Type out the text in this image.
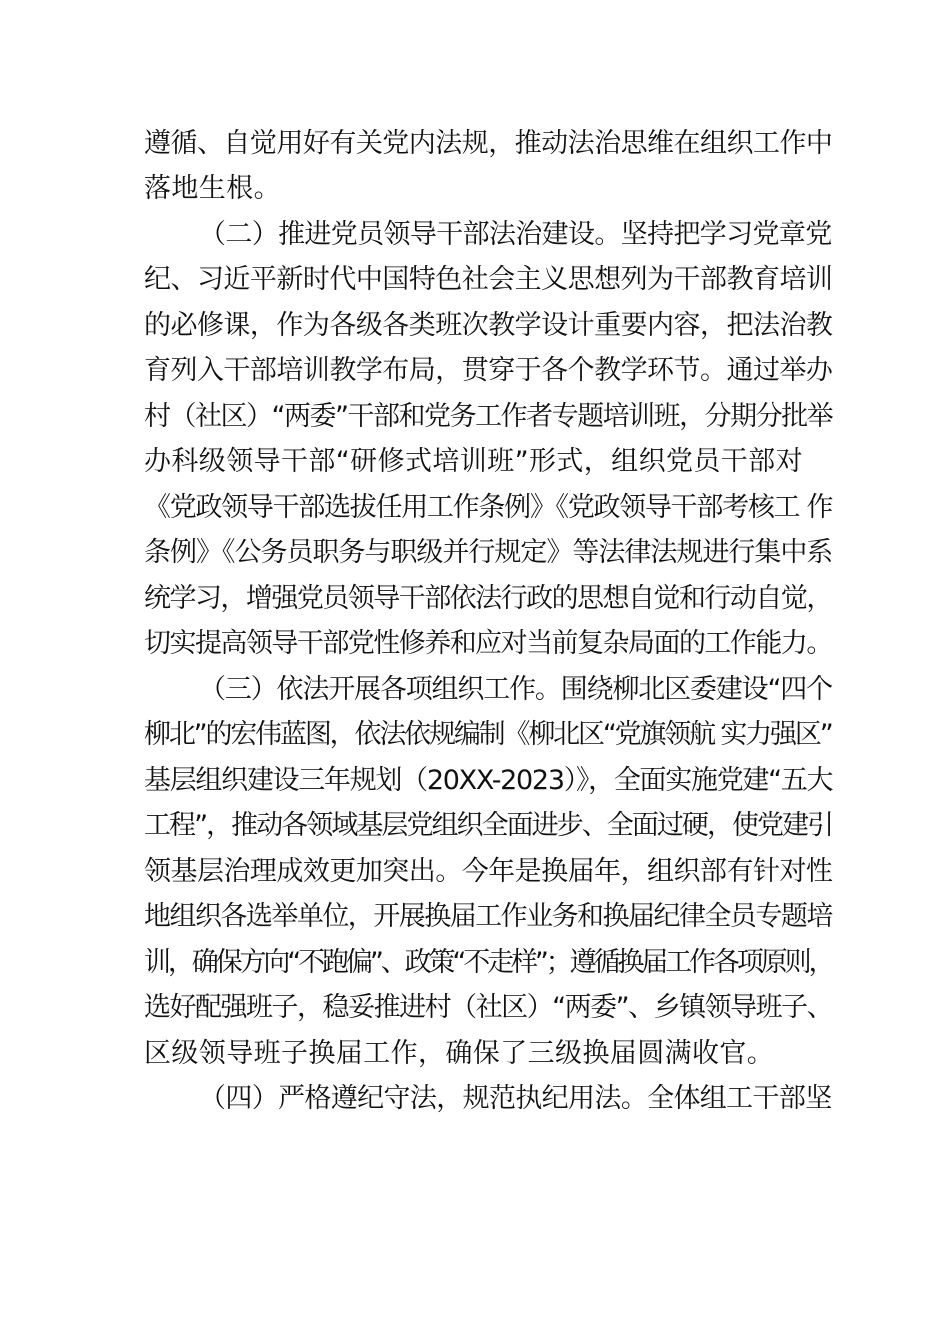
遵循、自觉用好有关党内法规，推动法治思维在组织工作中
落地生根。
（二）推进党员领导干部法治建设。坚持把学习党章党
纪、习近平新时代中国特色社会主义思想列为干部教育培训
的必修课，作为各级各类班次教学设计重要内容，把法治教
育列入干部培训教学布局，贯穿于各个教学环节。通过举办
村（社区）“两委”干部和党务工作者专题培训班，分期分批举
办科级领导干部“研修式培训班”形式，组织党员干部对
《党政领导干部选拔任用工作条例》《党政领导干部考核工 作
条例》《公务员职务与职级并行规定》等法律法规进行集中系
统学习，增强党员领导干部依法行政的思想自觉和行动自觉，
切实提高领导干部党性修养和应对当前复杂局面的工作能力。
（三）依法开展各项组织工作。围绕柳北区委建设“四个
柳北”的宏伟蓝图，依法依规编制《柳北区“党旗领航 实力强区”
基层组织建设三年规划（20XX-2023）》，全面实施党建“五大
工程”，推动各领域基层党组织全面进步、全面过硬，使党建引
领基层治理成效更加突出。今年是换届年，组织部有针对性
地组织各选举单位，开展换届工作业务和换届纪律全员专题培
训，确保方向“不跑偏”、政策“不走样”；遵循换届工作各项原则，
选好配强班子，稳妥推进村（社区）“两委”、乡镇领导班子、
区级领导班子换届工作，确保了三级换届圆满收官。
（四）严格遵纪守法，规范执纪用法。全体组工干部坚
